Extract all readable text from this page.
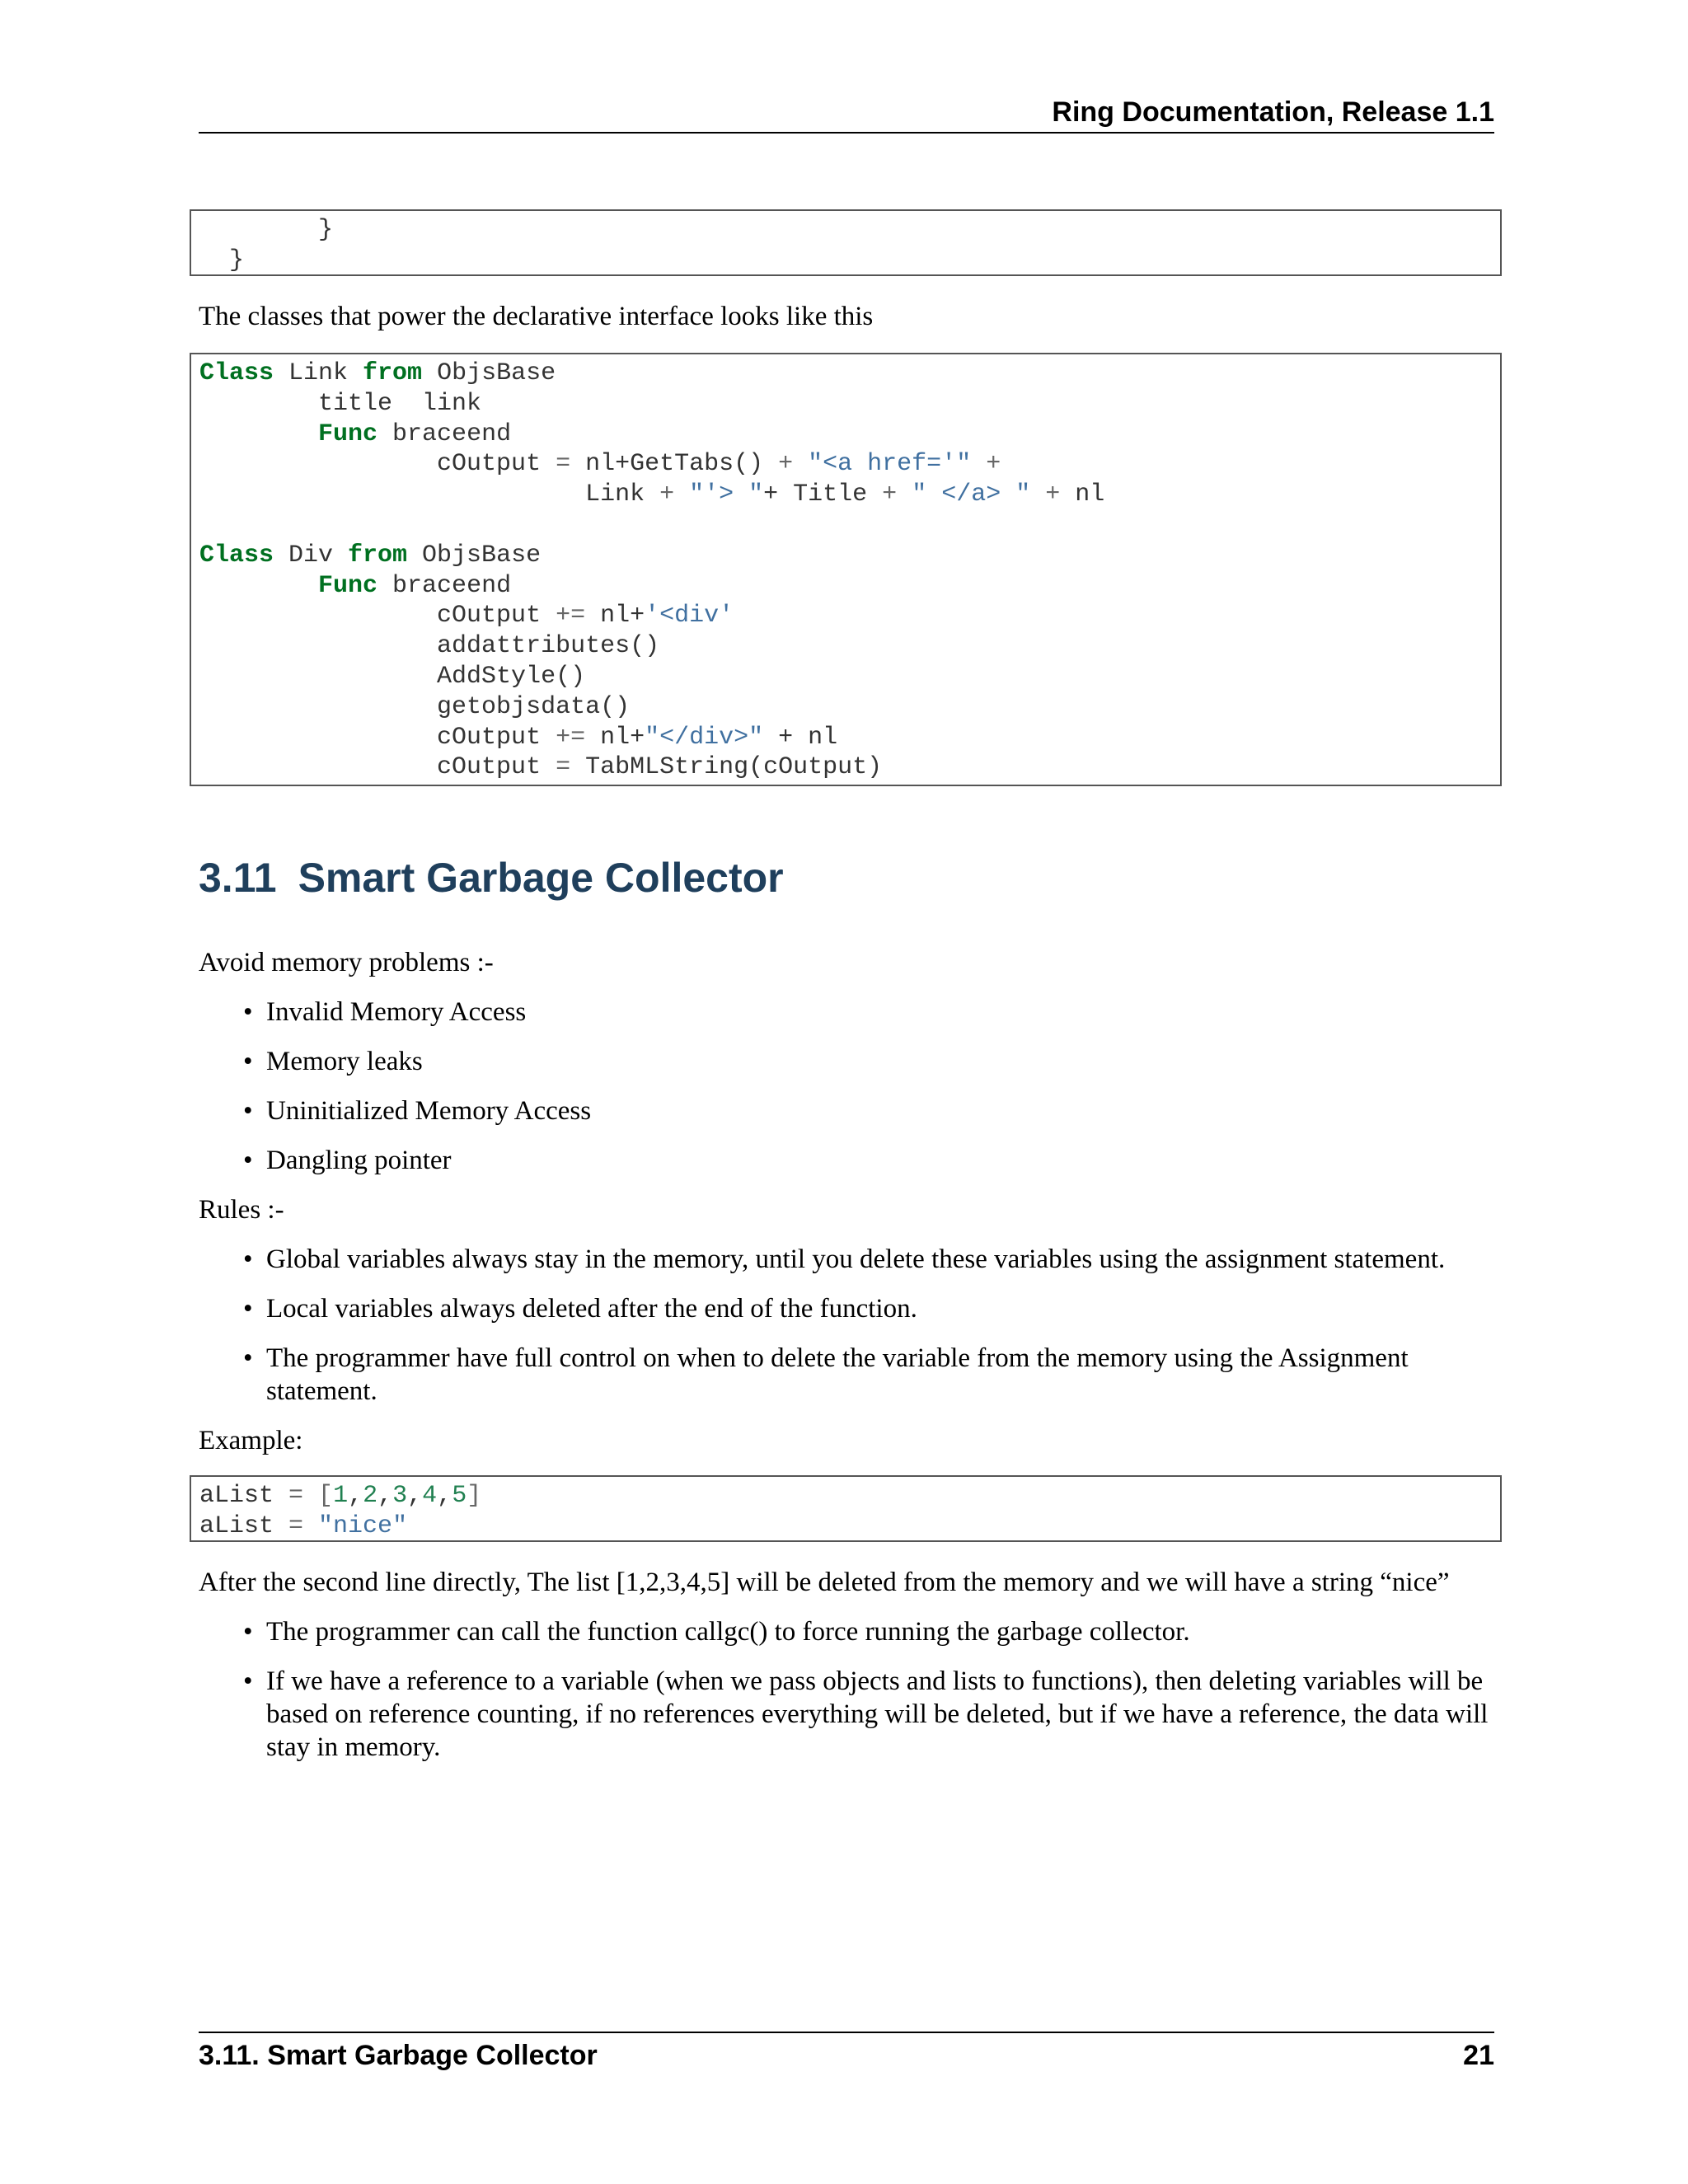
Ring Documentation, Release 1.1
}
}

The classes that power the declarative interface looks like this

Class Link from ObjsBase
title  link
Func braceend
cOutput = nl+GetTabs() + "<a href='" +
Link + "'> "+ Title + " </a> " + nl
Class Div from ObjsBase
Func braceend
cOutput += nl+'<div'
addattributes()
AddStyle()
getobjsdata()
cOutput += nl+"</div>" + nl
cOutput = TabMLString(cOutput)
3.11 Smart Garbage Collector

Avoid memory problems :-

• Invalid Memory Access
• Memory leaks
• Uninitialized Memory Access
• Dangling pointer

Rules :-

• Global variables always stay in the memory, until you delete these variables using the assignment statement.
• Local variables always deleted after the end of the function.
• The programmer have full control on when to delete the variable from the memory using the Assignment statement.

Example:

aList = [1,2,3,4,5]
aList = "nice"

After the second line directly, The list [1,2,3,4,5] will be deleted from the memory and we will have a string “nice”

• The programmer can call the function callgc() to force running the garbage collector.
• If we have a reference to a variable (when we pass objects and lists to functions), then deleting variables will be based on reference counting, if no references everything will be deleted, but if we have a reference, the data will stay in memory.
3.11. Smart Garbage Collector	21
